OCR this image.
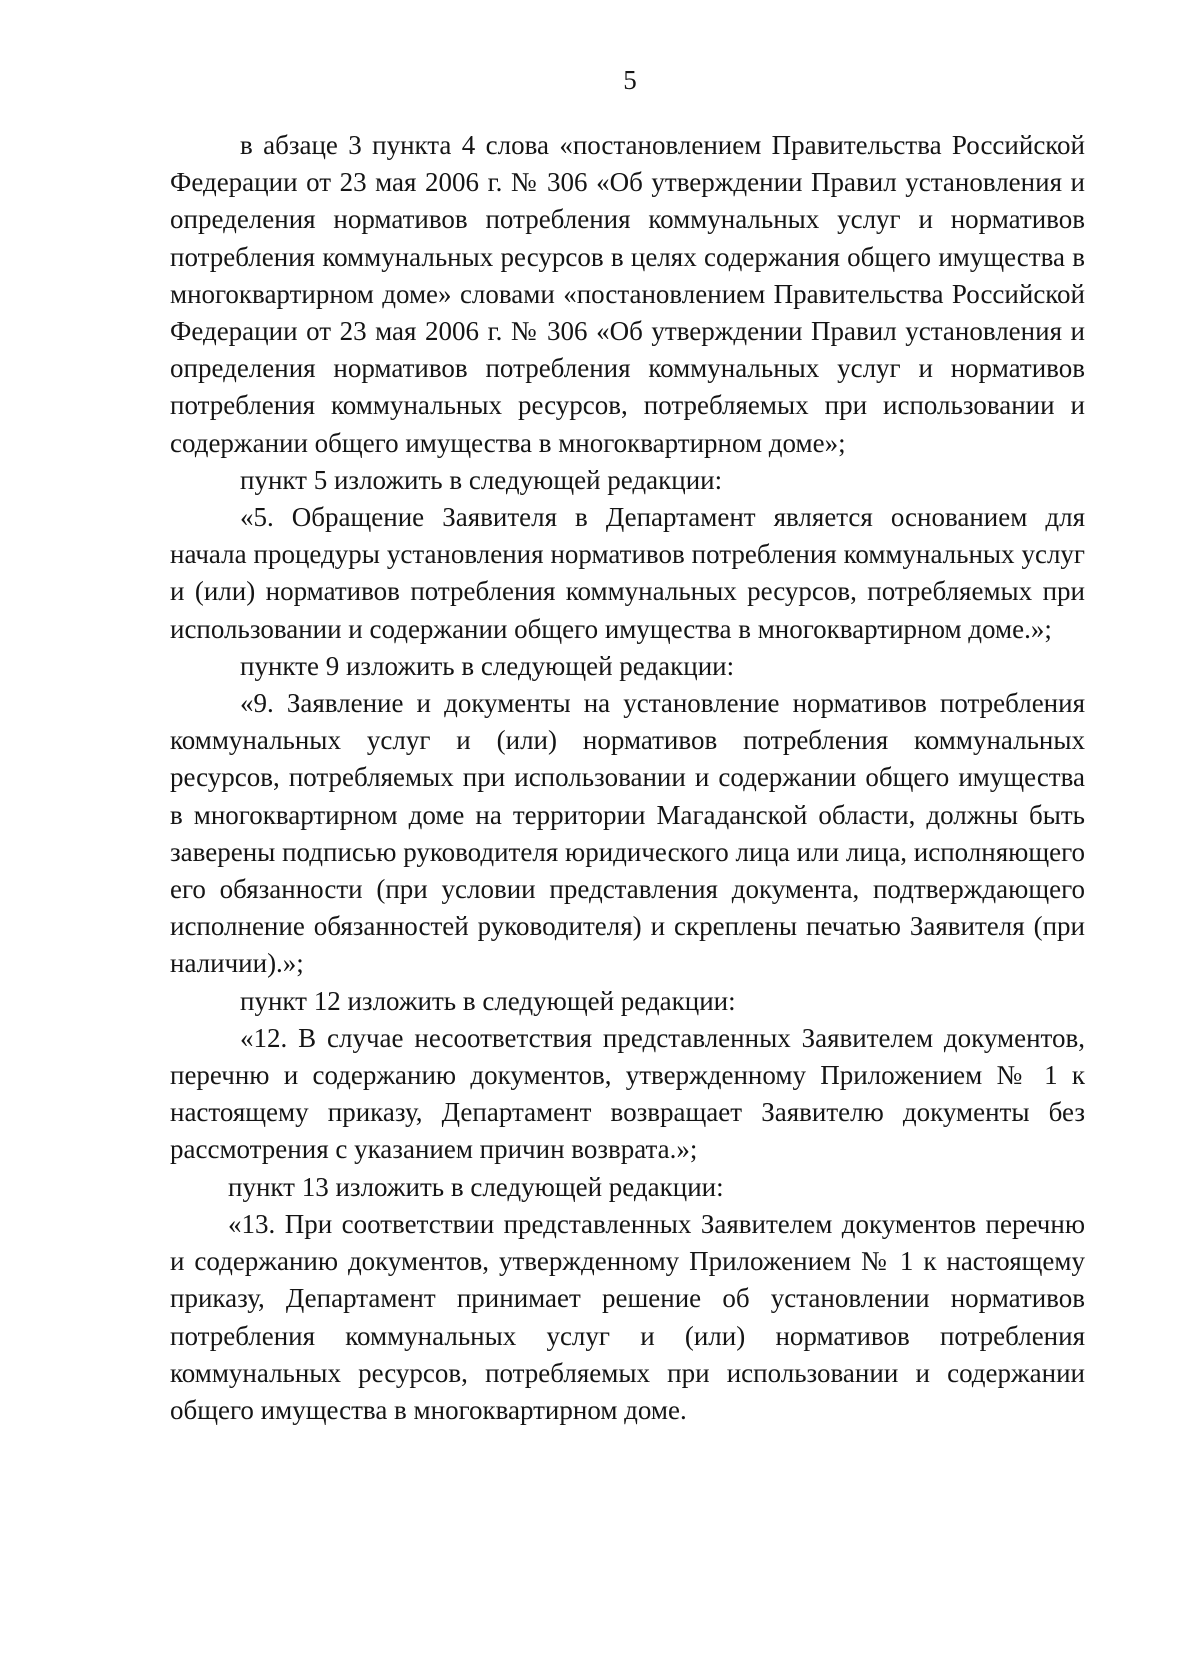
5

в абзаце 3 пункта 4 слова «постановлением Правительства Российской Федерации от 23 мая 2006 г. № 306 «Об утверждении Правил установления и определения нормативов потребления коммунальных услуг и нормативов потребления коммунальных ресурсов в целях содержания общего имущества в многоквартирном доме» словами «постановлением Правительства Российской Федерации от 23 мая 2006 г. № 306 «Об утверждении Правил установления и определения нормативов потребления коммунальных услуг и нормативов потребления коммунальных ресурсов, потребляемых при использовании и содержании общего имущества в многоквартирном доме»;

пункт 5 изложить в следующей редакции:

«5. Обращение Заявителя в Департамент является основанием для начала процедуры установления нормативов потребления коммунальных услуг и (или) нормативов потребления коммунальных ресурсов, потребляемых при использовании и содержании общего имущества в многоквартирном доме.»;

пункте 9 изложить в следующей редакции:

«9. Заявление и документы на установление нормативов потребления коммунальных услуг и (или) нормативов потребления коммунальных ресурсов, потребляемых при использовании и содержании общего имущества в многоквартирном доме на территории Магаданской области, должны быть заверены подписью руководителя юридического лица или лица, исполняющего его обязанности (при условии представления документа, подтверждающего исполнение обязанностей руководителя) и скреплены печатью Заявителя (при наличии).»;

пункт 12 изложить в следующей редакции:

«12. В случае несоответствия представленных Заявителем документов, перечню и содержанию документов, утвержденному Приложением № 1 к настоящему приказу, Департамент возвращает Заявителю документы без рассмотрения с указанием причин возврата.»;

пункт 13 изложить в следующей редакции:

«13. При соответствии представленных Заявителем документов перечню и содержанию документов, утвержденному Приложением № 1 к настоящему приказу, Департамент принимает решение об установлении нормативов потребления коммунальных услуг и (или) нормативов потребления коммунальных ресурсов, потребляемых при использовании и содержании общего имущества в многоквартирном доме.
